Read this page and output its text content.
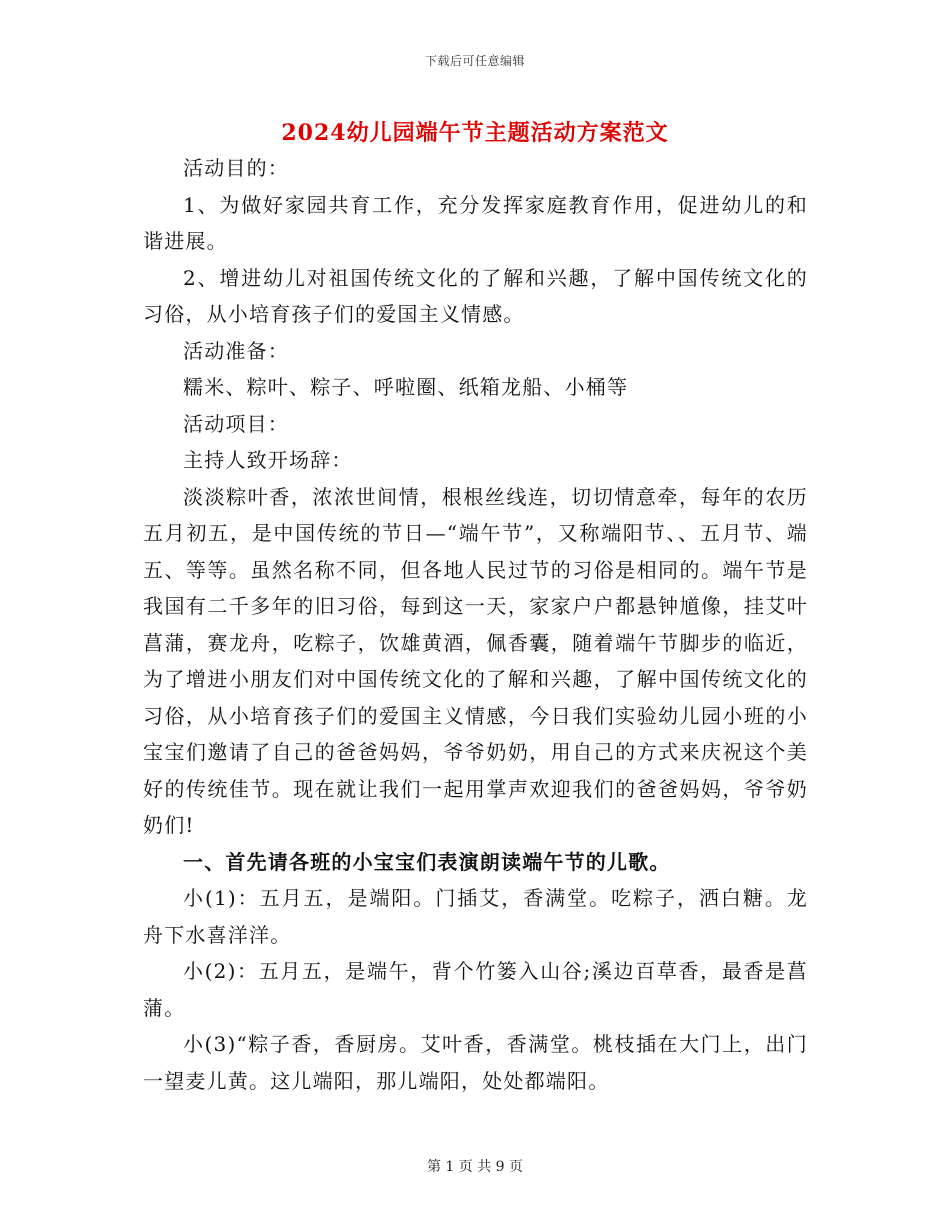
下载后可任意编辑
2024幼儿园端午节主题活动方案范文

活动目的：

1、为做好家园共育工作，充分发挥家庭教育作用，促进幼儿的和谐进展。

2、增进幼儿对祖国传统文化的了解和兴趣，了解中国传统文化的习俗，从小培育孩子们的爱国主义情感。

活动准备：

糯米、粽叶、粽子、呼啦圈、纸箱龙船、小桶等

活动项目：

主持人致开场辞：

淡淡粽叶香，浓浓世间情，根根丝线连，切切情意牵，每年的农历五月初五，是中国传统的节日—“端午节”，又称端阳节、、五月节、端五、等等。虽然名称不同，但各地人民过节的习俗是相同的。端午节是我国有二千多年的旧习俗，每到这一天，家家户户都悬钟馗像，挂艾叶菖蒲，赛龙舟，吃粽子，饮雄黄酒，佩香囊，随着端午节脚步的临近，为了增进小朋友们对中国传统文化的了解和兴趣，了解中国传统文化的习俗，从小培育孩子们的爱国主义情感，今日我们实验幼儿园小班的小宝宝们邀请了自己的爸爸妈妈，爷爷奶奶，用自己的方式来庆祝这个美好的传统佳节。现在就让我们一起用掌声欢迎我们的爸爸妈妈，爷爷奶奶们!

一、首先请各班的小宝宝们表演朗读端午节的儿歌。

小(1)：五月五，是端阳。门插艾，香满堂。吃粽子，洒白糖。龙舟下水喜洋洋。

小(2)：五月五，是端午，背个竹篓入山谷;溪边百草香，最香是菖蒲。

小(3)“粽子香，香厨房。艾叶香，香满堂。桃枝插在大门上，出门一望麦儿黄。这儿端阳，那儿端阳，处处都端阳。

第 1 页 共 9 页
